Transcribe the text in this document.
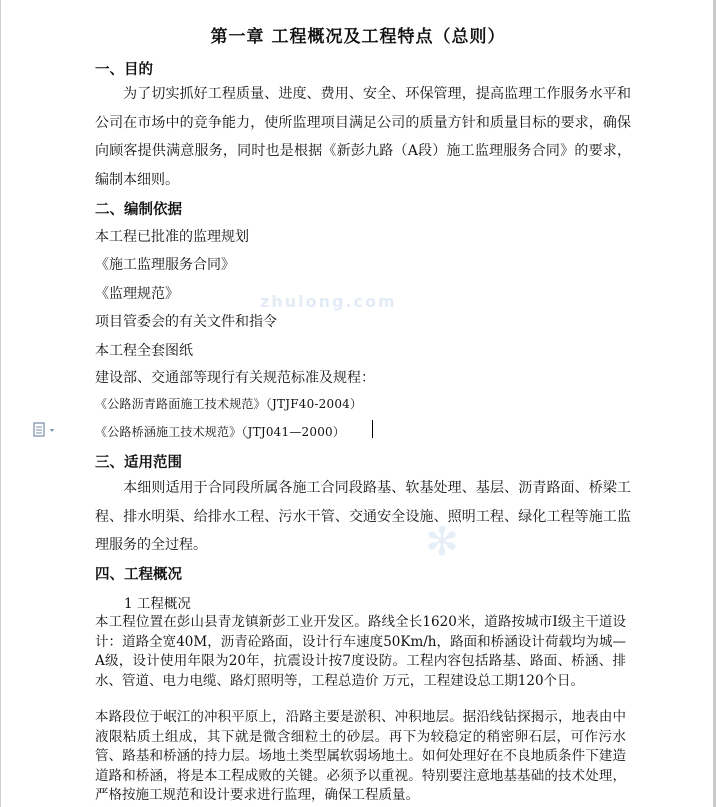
zhulong.com
✻
第一章 工程概况及工程特点（总则）
一、目的
为了切实抓好工程质量、进度、费用、安全、环保管理，提高监理工作服务水平和公司在市场中的竞争能力，使所监理项目满足公司的质量方针和质量目标的要求，确保向顾客提供满意服务，同时也是根据《新彭九路（A段）施工监理服务合同》的要求，编制本细则。
二、编制依据
本工程已批准的监理规划
《施工监理服务合同》
《监理规范》
项目管委会的有关文件和指令
本工程全套图纸
建设部、交通部等现行有关规范标准及规程：
《公路沥青路面施工技术规范》（JTJF40-2004）
《公路桥涵施工技术规范》（JTJ041—2000）
三、适用范围
本细则适用于合同段所属各施工合同段路基、软基处理、基层、沥青路面、桥梁工程、排水明渠、给排水工程、污水干管、交通安全设施、照明工程、绿化工程等施工监理服务的全过程。
四、工程概况
1 工程概况
本工程位置在彭山县青龙镇新彭工业开发区。路线全长1620米，道路按城市Ⅰ级主干道设计：道路全宽40M，沥青砼路面，设计行车速度50Km/h，路面和桥涵设计荷载均为城—A级，设计使用年限为20年，抗震设计按7度设防。工程内容包括路基、路面、桥涵、排水、管道、电力电缆、路灯照明等，工程总造价 万元，工程建设总工期120个日。
本路段位于岷江的冲积平原上，沿路主要是淤积、冲积地层。据沿线钻探揭示，地表由中液限粘质土组成，其下就是微含细粒土的砂层。再下为较稳定的稍密卵石层，可作污水管、路基和桥涵的持力层。场地土类型属软弱场地土。如何处理好在不良地质条件下建造道路和桥涵，将是本工程成败的关键。必须予以重视。特别要注意地基基础的技术处理，严格按施工规范和设计要求进行监理，确保工程质量。
